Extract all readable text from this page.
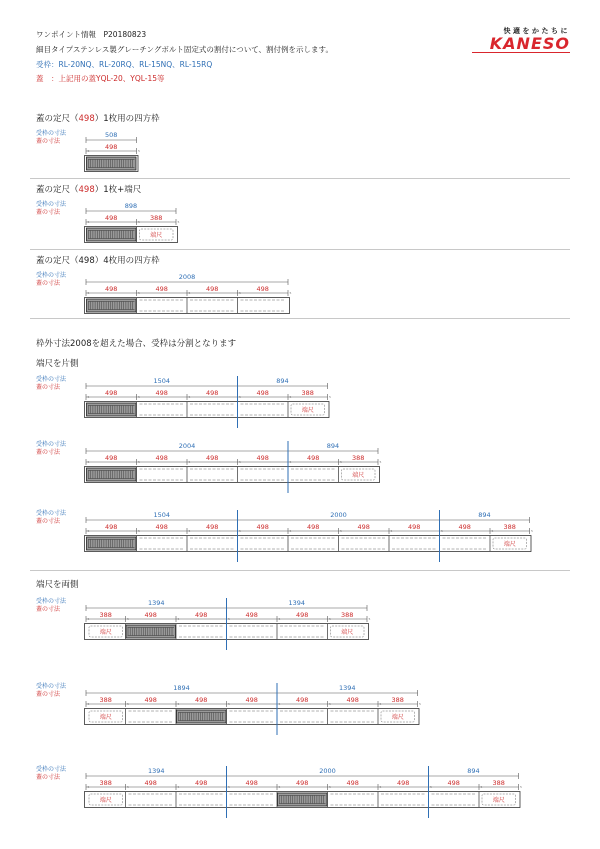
ワンポイント情報　P20180823
細目タイプステンレス製グレーチングボルト固定式の割付について、割付例を示します。
受枠：RL-20NQ、RL-20RQ、RL-15NQ、RL-15RQ
蓋　：上記用の蓋YQL-20、YQL-15等
快適をかたちに
KANESO
蓋の定尺（498）1枚用の四方枠
蓋の定尺（498）1枚+端尺
蓋の定尺（498）4枚用の四方枠
枠外寸法2008を超えた場合、受枠は分割となります
端尺を片側
端尺を両側
受枠の寸法
蓋の寸法
508
5	5
498
受枠の寸法
蓋の寸法
898
5	5	5
498	388
端尺
受枠の寸法
蓋の寸法
2008
5	5	5	5	5
498	498	498	498
受枠の寸法
蓋の寸法
1504	894
5	5	5	5	5	5
498	498	498	498	388
端尺
受枠の寸法
蓋の寸法
2004	894
5	5	5	5	5	5	5
498	498	498	498	498	388
端尺
受枠の寸法
蓋の寸法
1504	2000	894
5	5	5	5	5	5	5	5	5	5
498	498	498	498	498	498	498	498	388
端尺
受枠の寸法
蓋の寸法
1394	1394
5	5	5	5	5	5	5
388	498	498	498	498	388
端尺	端尺
受枠の寸法
蓋の寸法
1894	1394
5	5	5	5	5	5	5	5
388	498	498	498	498	498	388
端尺	端尺
受枠の寸法
蓋の寸法
1394	2000	894
5	5	5	5	5	5	5	5	5	5
388	498	498	498	498	498	498	498	388
端尺	端尺
